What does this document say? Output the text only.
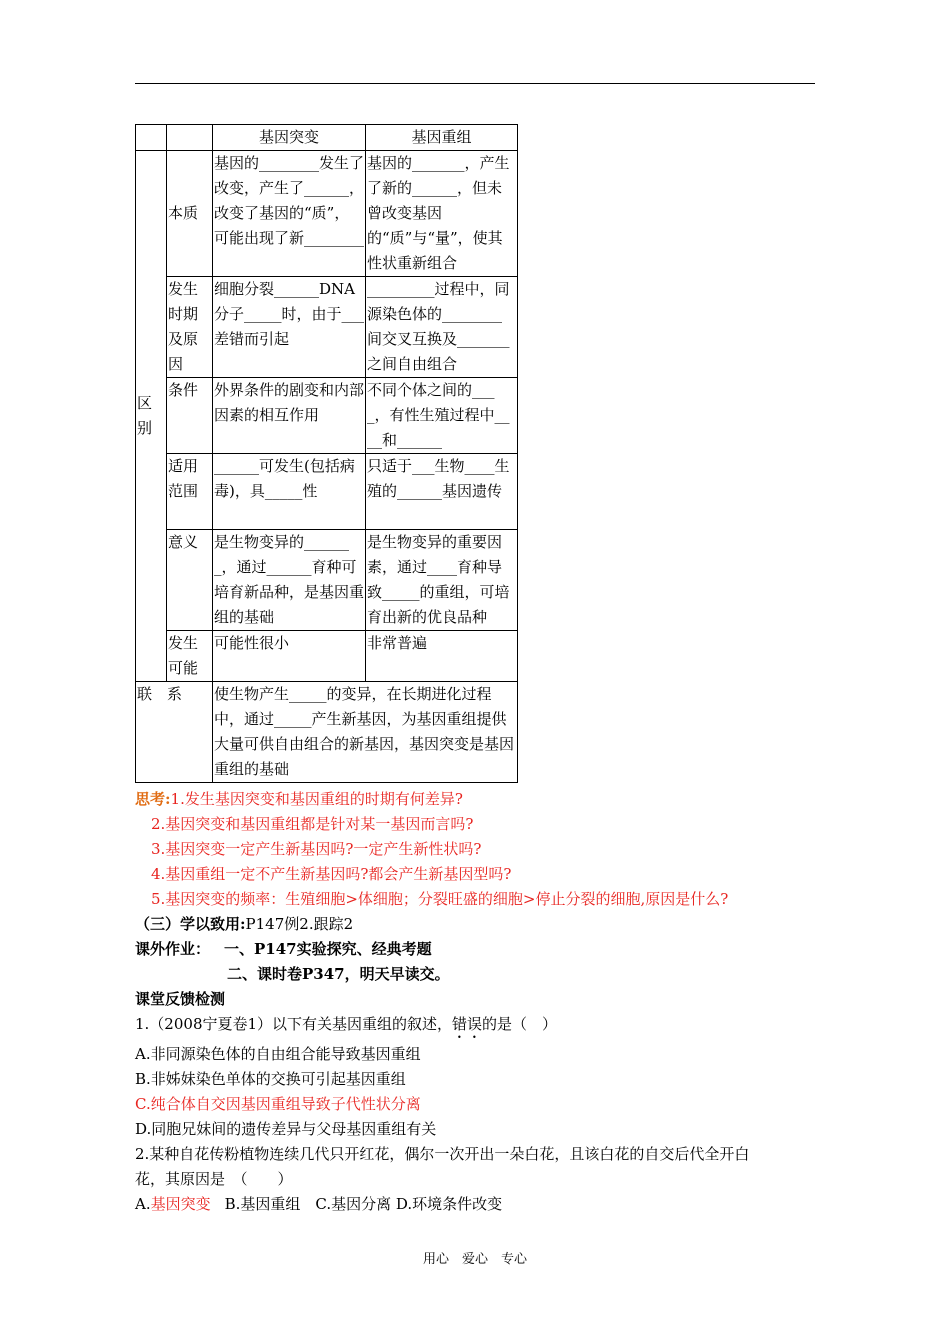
		基因突变	基因重组
区别	本质	基因的________发生了改变，产生了______，改变了基因的“质”，可能出现了新________	基因的_______，产生了新的______，但未曾改变基因的“质”与“量”，使其性状重新组合
	发生时期及原因	细胞分裂______DNA分子_____时，由于___差错而引起	_________过程中，同源染色体的________间交叉互换及_______之间自由组合
	条件	外界条件的剧变和内部因素的相互作用	不同个体之间的____，有性生殖过程中____和______
	适用范围	______可发生(包括病毒)，具_____性	只适于___生物____生殖的______基因遗传
	意义	是生物变异的_______，通过______育种可培育新品种，是基因重组的基础	是生物变异的重要因素，通过____育种导致_____的重组，可培育出新的优良品种
	发生可能	可能性很小	非常普遍
联　系		使生物产生_____的变异，在长期进化过程中，通过_____产生新基因，为基因重组提供大量可供自由组合的新基因，基因突变是基因重组的基础	
思考:1.发生基因突变和基因重组的时期有何差异?
2.基因突变和基因重组都是针对某一基因而言吗?
3.基因突变一定产生新基因吗?一定产生新性状吗?
4.基因重组一定不产生新基因吗?都会产生新基因型吗?
5.基因突变的频率：生殖细胞>体细胞；分裂旺盛的细胞>停止分裂的细胞,原因是什么?
（三）学以致用:P147例2.跟踪2
课外作业： 一、P147实验探究、经典考题
二、课时卷P347，明天早读交。
课堂反馈检测
1.（2008宁夏卷1）以下有关基因重组的叙述，错误的是（　）
A.非同源染色体的自由组合能导致基因重组
B.非姊妹染色单体的交换可引起基因重组
C.纯合体自交因基因重组导致子代性状分离
D.同胞兄妹间的遗传差异与父母基因重组有关
2.某种自花传粉植物连续几代只开红花，偶尔一次开出一朵白花，且该白花的自交后代全开白
花，其原因是　（　　）
A.基因突变 B.基因重组　C.基因分离 D.环境条件改变
用心　爱心　专心
